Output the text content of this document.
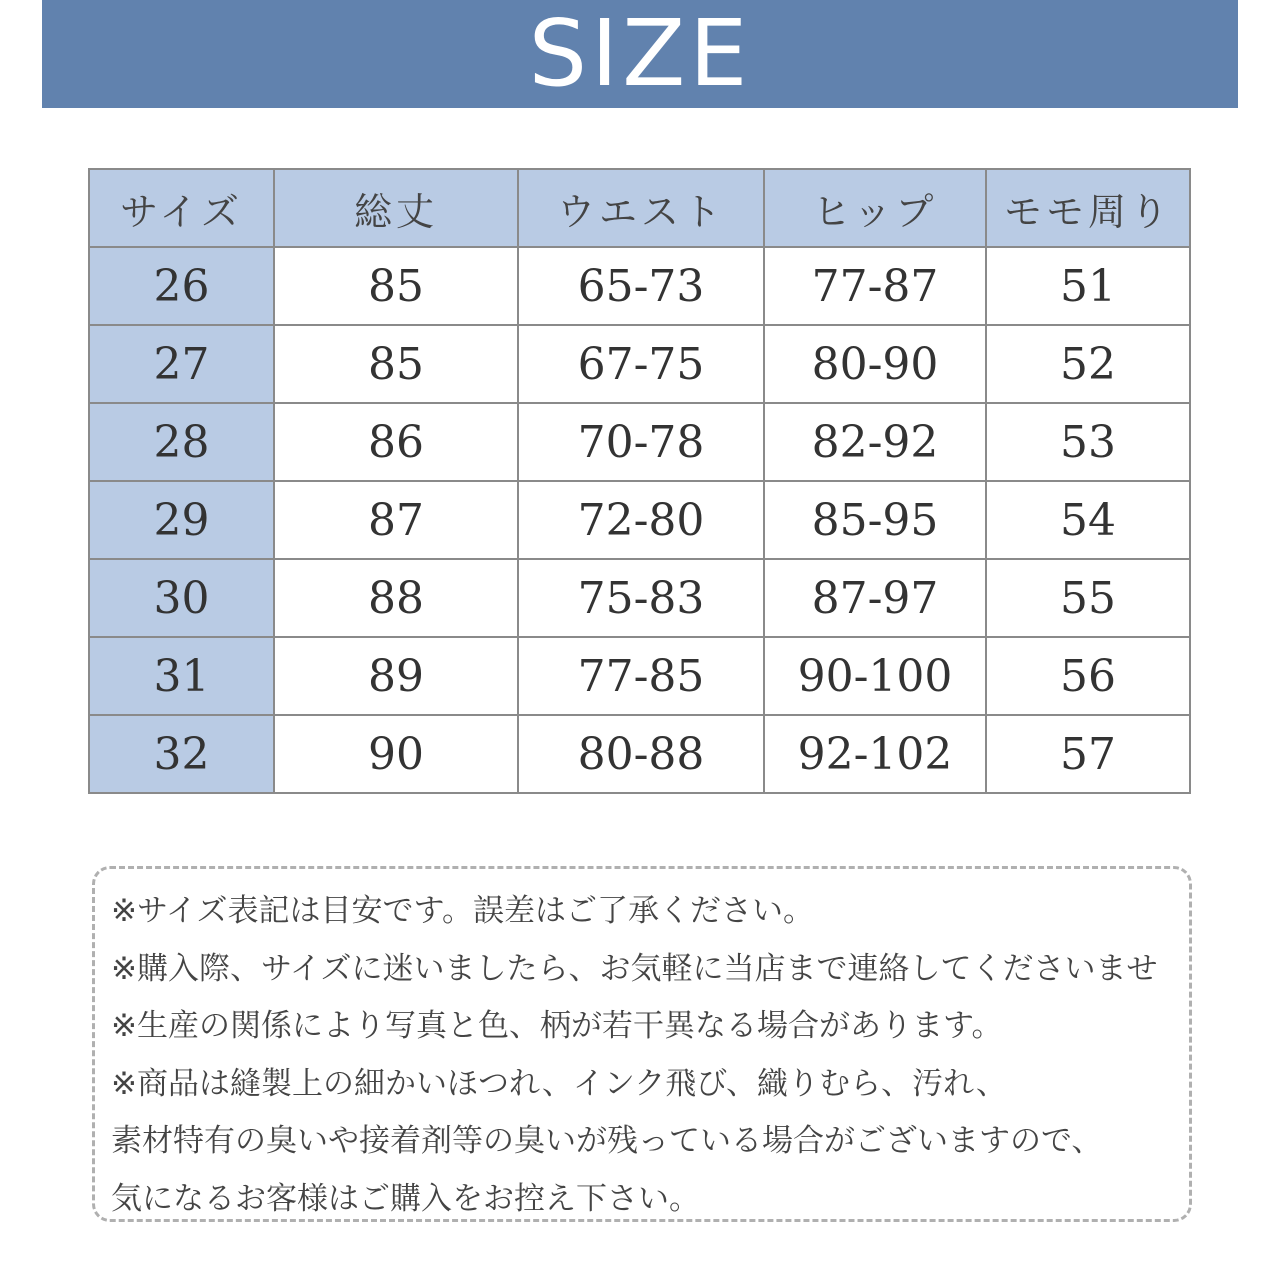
SIZE
サイズ	総丈	ウエスト	ヒップ	モモ周り
26	85	65-73	77-87	51
27	85	67-75	80-90	52
28	86	70-78	82-92	53
29	87	72-80	85-95	54
30	88	75-83	87-97	55
31	89	77-85	90-100	56
32	90	80-88	92-102	57
※サイズ表記は目安です。誤差はご了承ください。
※購入際、サイズに迷いましたら、お気軽に当店まで連絡してくださいませ
※生産の関係により写真と色、柄が若干異なる場合があります。
※商品は縫製上の細かいほつれ、インク飛び、織りむら、汚れ、
素材特有の臭いや接着剤等の臭いが残っている場合がございますので、
気になるお客様はご購入をお控え下さい。
